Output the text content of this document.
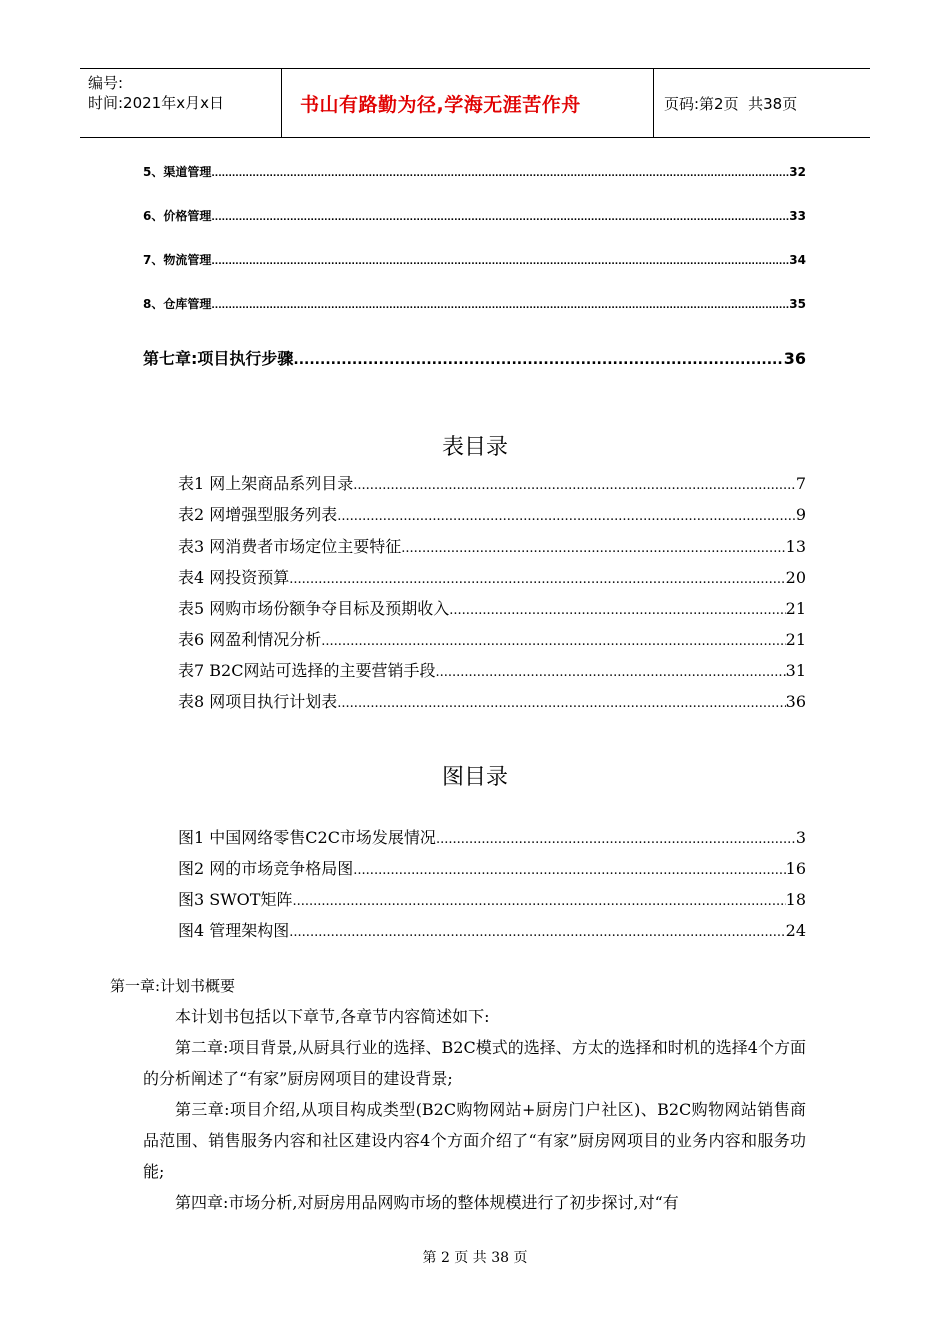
编号:
时间:2021年x月x日	书山有路勤为径,学海无涯苦作舟	页码:第2页  共38页
5、渠道管理 .....	32
6、价格管理 .....	33
7、物流管理 .....	34
8、仓库管理 .....	35
第七章:项目执行步骤 .....	36
表目录
表1 网上架商品系列目录 .....	7
表2 网增强型服务列表 .....	9
表3 网消费者市场定位主要特征 .....	13
表4 网投资预算 .....	20
表5 网购市场份额争夺目标及预期收入 .....	21
表6 网盈利情况分析 .....	21
表7 B2C网站可选择的主要营销手段 .....	31
表8 网项目执行计划表 .....	36
图目录
图1 中国网络零售C2C市场发展情况 .....	3
图2 网的市场竞争格局图 .....	16
图3 SWOT矩阵 .....	18
图4 管理架构图 .....	24
第一章:计划书概要

本计划书包括以下章节,各章节内容简述如下:

第二章:项目背景,从厨具行业的选择、B2C模式的选择、方太的选择和时机的选择4个方面的分析阐述了“有家”厨房网项目的建设背景;

第三章:项目介绍,从项目构成类型(B2C购物网站+厨房门户社区)、B2C购物网站销售商品范围、销售服务内容和社区建设内容4个方面介绍了“有家”厨房网项目的业务内容和服务功能;

第四章:市场分析,对厨房用品网购市场的整体规模进行了初步探讨,对“有

第 2 页 共 38 页
